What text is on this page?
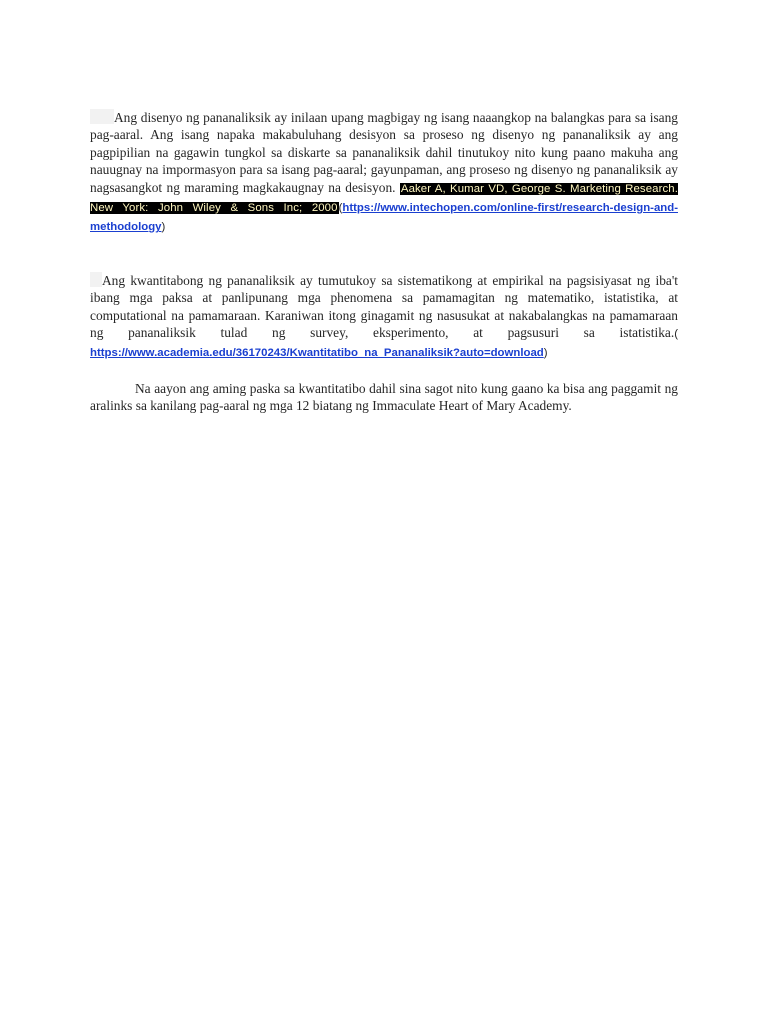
Ang disenyo ng pananaliksik ay inilaan upang magbigay ng isang naaangkop na balangkas para sa isang pag-aaral. Ang isang napaka makabuluhang desisyon sa proseso ng disenyo ng pananaliksik ay ang pagpipilian na gagawin tungkol sa diskarte sa pananaliksik dahil tinutukoy nito kung paano makuha ang nauugnay na impormasyon para sa isang pag-aaral; gayunpaman, ang proseso ng disenyo ng pananaliksik ay nagsasangkot ng maraming magkakaugnay na desisyon. Aaker A, Kumar VD, George S. Marketing Research. New York: John Wiley & Sons Inc; 2000(https://www.intechopen.com/online-first/research-design-and-methodology)

Ang kwantitabong ng pananaliksik ay tumutukoy sa sistematikong at empirikal na pagsisiyasat ng iba't ibang mga paksa at panlipunang mga phenomena sa pamamagitan ng matematiko, istatistika, at computational na pamamaraan. Karaniwan itong ginagamit ng nasusukat at nakabalangkas na pamamaraan ng pananaliksik tulad ng survey, eksperimento, at pagsusuri sa istatistika.( https://www.academia.edu/36170243/Kwantitatibo_na_Pananaliksik?auto=download)

Na aayon ang aming paska sa kwantitatibo dahil sina sagot nito kung gaano ka bisa ang paggamit ng aralinks sa kanilang pag-aaral ng mga 12 biatang ng Immaculate Heart of Mary Academy.
